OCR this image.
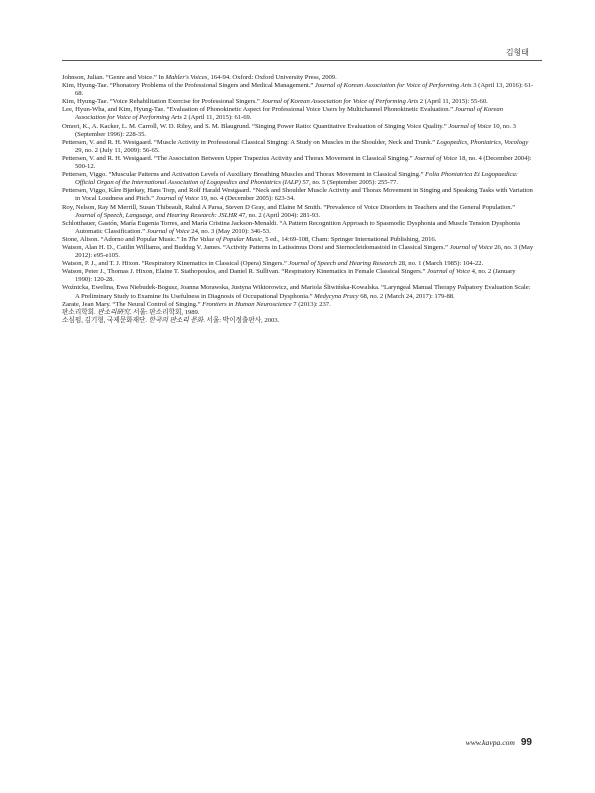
김형태

Johnson, Julian. “Genre and Voice.” In Mahler's Voices, 164-94. Oxford: Oxford University Press, 2009.

Kim, Hyung-Tae. “Phonatory Problems of the Professional Singers and Medical Management.” Journal of Korean Association for Voice of Performing Arts 3 (April 13, 2016): 61-68.

Kim, Hyung-Tae. “Voice Rehabilitation Exercise for Professional Singers.” Journal of Korean Association for Voice of Performing Arts 2 (April 11, 2015): 55-60.

Lee, Hyun-Wha, and Kim, Hyung-Tae. “Evaluation of Phonokinetic Aspect for Professional Voice Users by Multichannel Phonokinetic Evaluation.” Journal of Korean Association for Voice of Performing Arts 2 (April 11, 2015): 61-69.

Omori, K., A. Kacker, L. M. Carroll, W. D. Riley, and S. M. Blaugrund. “Singing Power Ratio: Quantitative Evaluation of Singing Voice Quality.” Journal of Voice 10, no. 3 (September 1996): 228-35.

Pettersen, V. and R. H. Westgaard. “Muscle Activity in Professional Classical Singing: A Study on Muscles in the Shoulder, Neck and Trunk.” Logopedics, Phoniatrics, Vocology 29, no. 2 (July 11, 2009): 56-65.

Pettersen, V. and R. H. Westgaard. “The Association Between Upper Trapezius Activity and Thorax Movement in Classical Singing.” Journal of Voice 18, no. 4 (December 2004): 500-12.

Pettersen, Viggo. “Muscular Patterns and Activation Levels of Auxiliary Breathing Muscles and Thorax Movement in Classical Singing.” Folia Phoniatrica Et Logopaedica: Official Organ of the International Association of Logopedics and Phoniatrics (IALP) 57, no. 5 (September 2005): 255-77.

Pettersen, Viggo, Kåre Bjørkøy, Hans Torp, and Rolf Harald Westgaard. “Neck and Shoulder Muscle Activity and Thorax Movement in Singing and Speaking Tasks with Variation in Vocal Loudness and Pitch.” Journal of Voice 19, no. 4 (December 2005): 623-34.

Roy, Nelson, Ray M Merrill, Susan Thibeault, Rahul A Parsa, Steven D Gray, and Elaine M Smith. “Prevalence of Voice Disorders in Teachers and the General Population.” Journal of Speech, Language, and Hearing Research: JSLHR 47, no. 2 (April 2004): 281-93.

Schlotthauer, Gastón, María Eugenia Torres, and María Cristina Jackson-Menaldi. “A Pattern Recognition Approach to Spasmodic Dysphonia and Muscle Tension Dysphonia Automatic Classification.” Journal of Voice 24, no. 3 (May 2010): 346-53.

Stone, Alison. “Adorno and Popular Music.” In The Value of Popular Music, 5 ed., 14:69-108, Cham: Springer International Publishing, 2016.

Watson, Alan H. D., Caitlin Williams, and Buddug V. James. “Activity Patterns in Latissimus Dorsi and Sternocleidomastoid in Classical Singers.” Journal of Voice 26, no. 3 (May 2012): e95-e105.

Watson, P. J., and T. J. Hixon. “Respiratory Kinematics in Classical (Opera) Singers.” Journal of Speech and Hearing Research 28, no. 1 (March 1985): 104-22.

Watson, Peter J., Thomas J. Hixon, Elaine T. Stathopoulos, and Daniel R. Sullivan. “Respiratory Kinematics in Female Classical Singers.” Journal of Voice 4, no. 2 (January 1990): 120-28.

Woźnicka, Ewelina, Ewa Niebudek-Bogusz, Joanna Morawska, Justyna Wiktorowicz, and Mariola Śliwińska-Kowalska. “Laryngeal Manual Therapy Palpatory Evaluation Scale: A Preliminary Study to Examine Its Usefulness in Diagnosis of Occupational Dysphonia.” Medycyna Pracy 68, no. 2 (March 24, 2017): 179-88.

Zarate, Jean Mary. “The Neural Control of Singing.” Frontiers in Human Neuroscience 7 (2013): 237.

판소리학회. 판소리硏究. 서울: 판소리학회, 1989.

소심펌, 김기형, 국제문화재단. 한국의 판소리 문화. 서울: 박이정출판사, 2003.

www.kavpa.com 99
